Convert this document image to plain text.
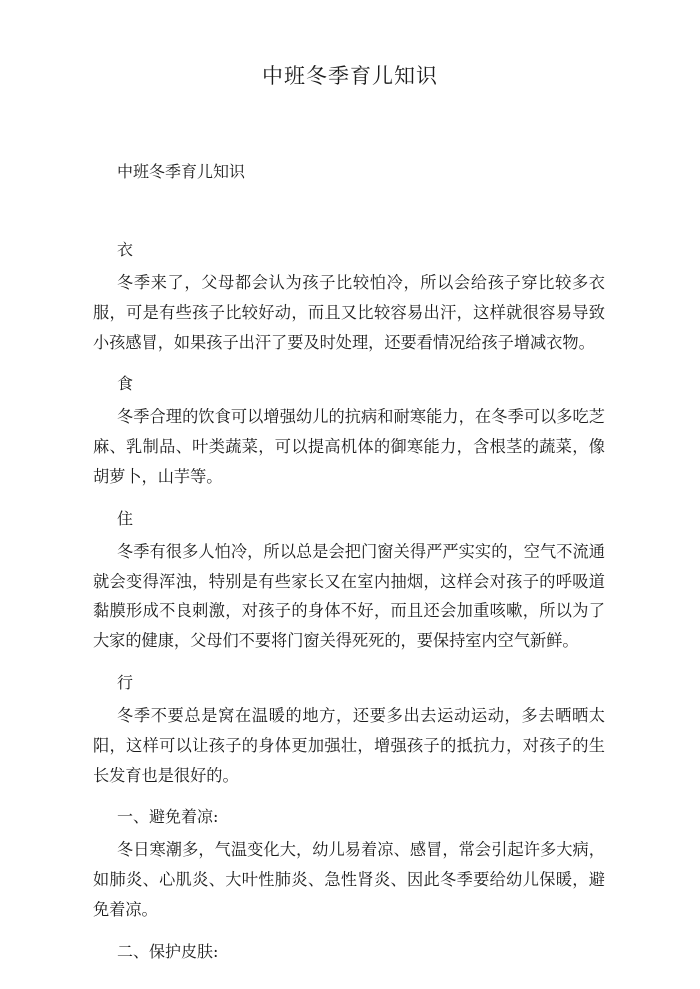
中班冬季育儿知识

中班冬季育儿知识

衣

冬季来了，父母都会认为孩子比较怕冷，所以会给孩子穿比较多衣服，可是有些孩子比较好动，而且又比较容易出汗，这样就很容易导致小孩感冒，如果孩子出汗了要及时处理，还要看情况给孩子增减衣物。

食

冬季合理的饮食可以增强幼儿的抗病和耐寒能力，在冬季可以多吃芝麻、乳制品、叶类蔬菜，可以提高机体的御寒能力，含根茎的蔬菜，像胡萝卜，山芋等。

住

冬季有很多人怕冷，所以总是会把门窗关得严严实实的，空气不流通就会变得浑浊，特别是有些家长又在室内抽烟，这样会对孩子的呼吸道黏膜形成不良刺激，对孩子的身体不好，而且还会加重咳嗽，所以为了大家的健康，父母们不要将门窗关得死死的，要保持室内空气新鲜。

行

冬季不要总是窝在温暖的地方，还要多出去运动运动，多去晒晒太阳，这样可以让孩子的身体更加强壮，增强孩子的抵抗力，对孩子的生长发育也是很好的。

一、避免着凉:

冬日寒潮多，气温变化大，幼儿易着凉、感冒，常会引起许多大病，如肺炎、心肌炎、大叶性肺炎、急性肾炎、因此冬季要给幼儿保暖，避免着凉。

二、保护皮肤:
